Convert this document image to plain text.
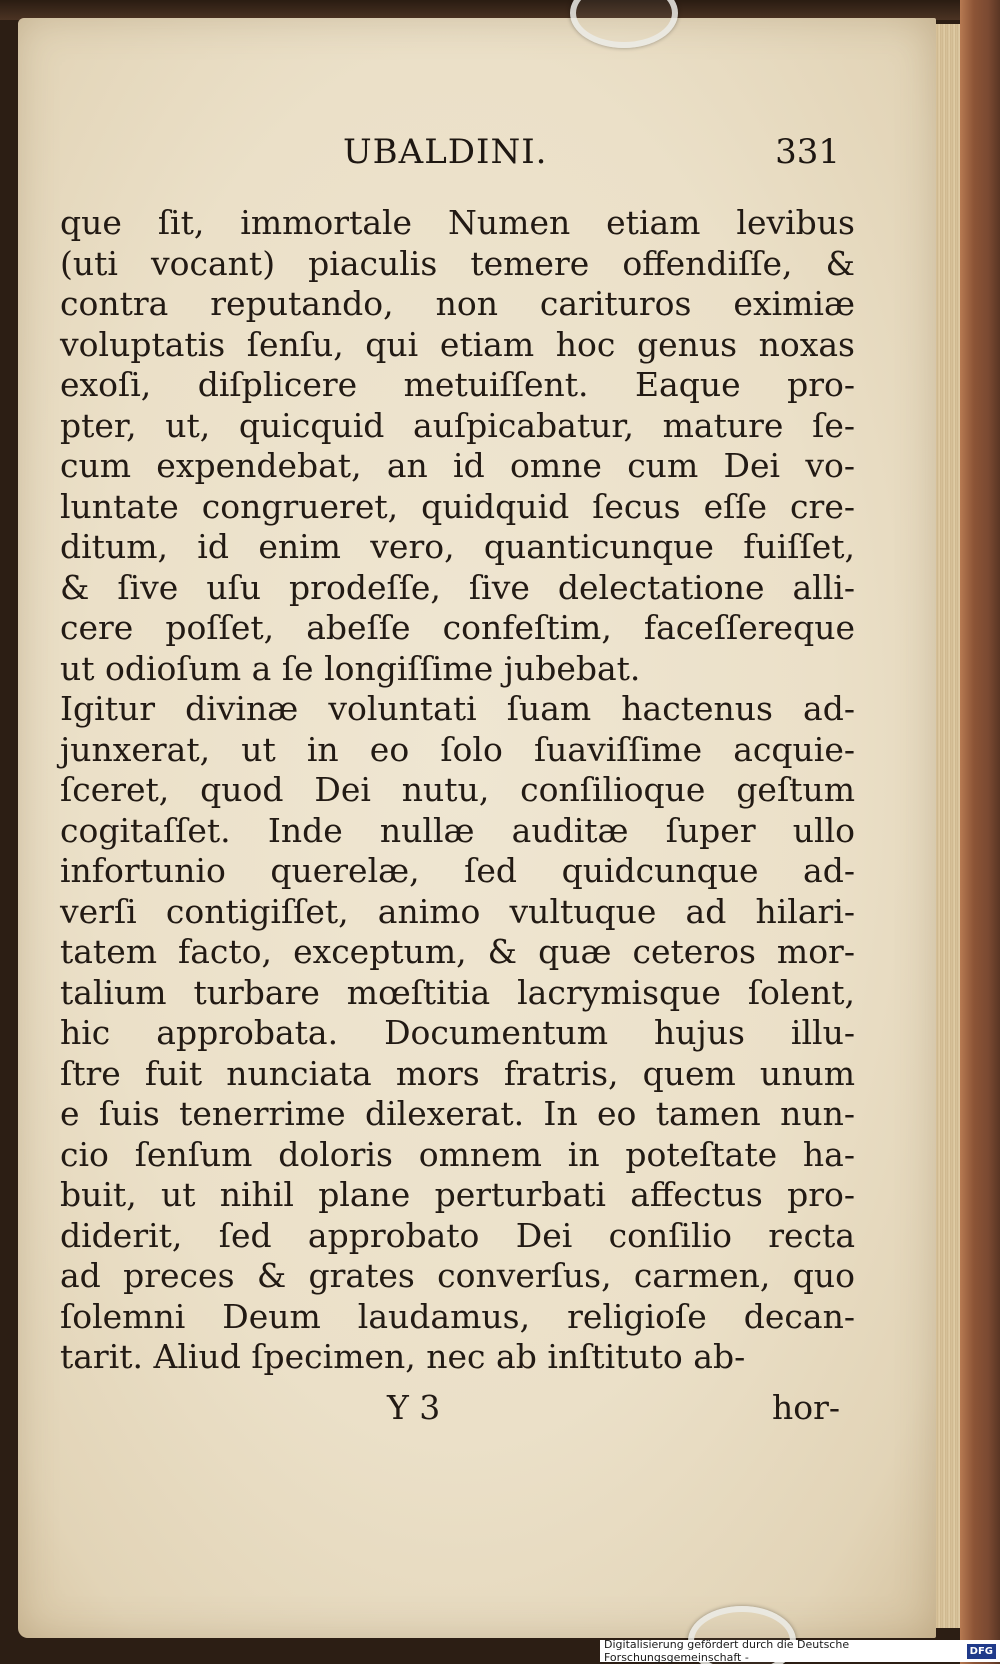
UBALDINI.	331
que ſit, immortale Numen etiam levibus
(uti vocant) piaculis temere offendiſſe, &
contra reputando, non carituros eximiæ
voluptatis ſenſu, qui etiam hoc genus noxas
exoſi, diſplicere metuiſſent. Eaque pro-
pter, ut, quicquid auſpicabatur, mature ſe-
cum expendebat, an id omne cum Dei vo-
luntate congrueret, quidquid ſecus eſſe cre-
ditum, id enim vero, quanticunque fuiſſet,
& ſive uſu prodeſſe, ſive delectatione alli-
cere poſſet, abeſſe confeſtim, faceſſereque
ut odioſum a ſe longiſſime jubebat.
Igitur divinæ voluntati ſuam hactenus ad-
junxerat, ut in eo ſolo ſuaviſſime acquie-
ſceret, quod Dei nutu, conſilioque geſtum
cogitaſſet. Inde nullæ auditæ ſuper ullo
infortunio querelæ, ſed quidcunque ad-
verſi contigiſſet, animo vultuque ad hilari-
tatem facto, exceptum, & quæ ceteros mor-
talium turbare mœſtitia lacrymisque ſolent,
hic approbata. Documentum hujus illu-
ſtre fuit nunciata mors fratris, quem unum
e ſuis tenerrime dilexerat. In eo tamen nun-
cio ſenſum doloris omnem in poteſtate ha-
buit, ut nihil plane perturbati affectus pro-
diderit, ſed approbato Dei conſilio recta
ad preces & grates converſus, carmen, quo
ſolemni Deum laudamus, religioſe decan-
tarit. Aliud ſpecimen, nec ab inſtituto ab-
Y 3	hor-
Digitalisierung gefördert durch die Deutsche Forschungsgemeinschaft -	DFG
